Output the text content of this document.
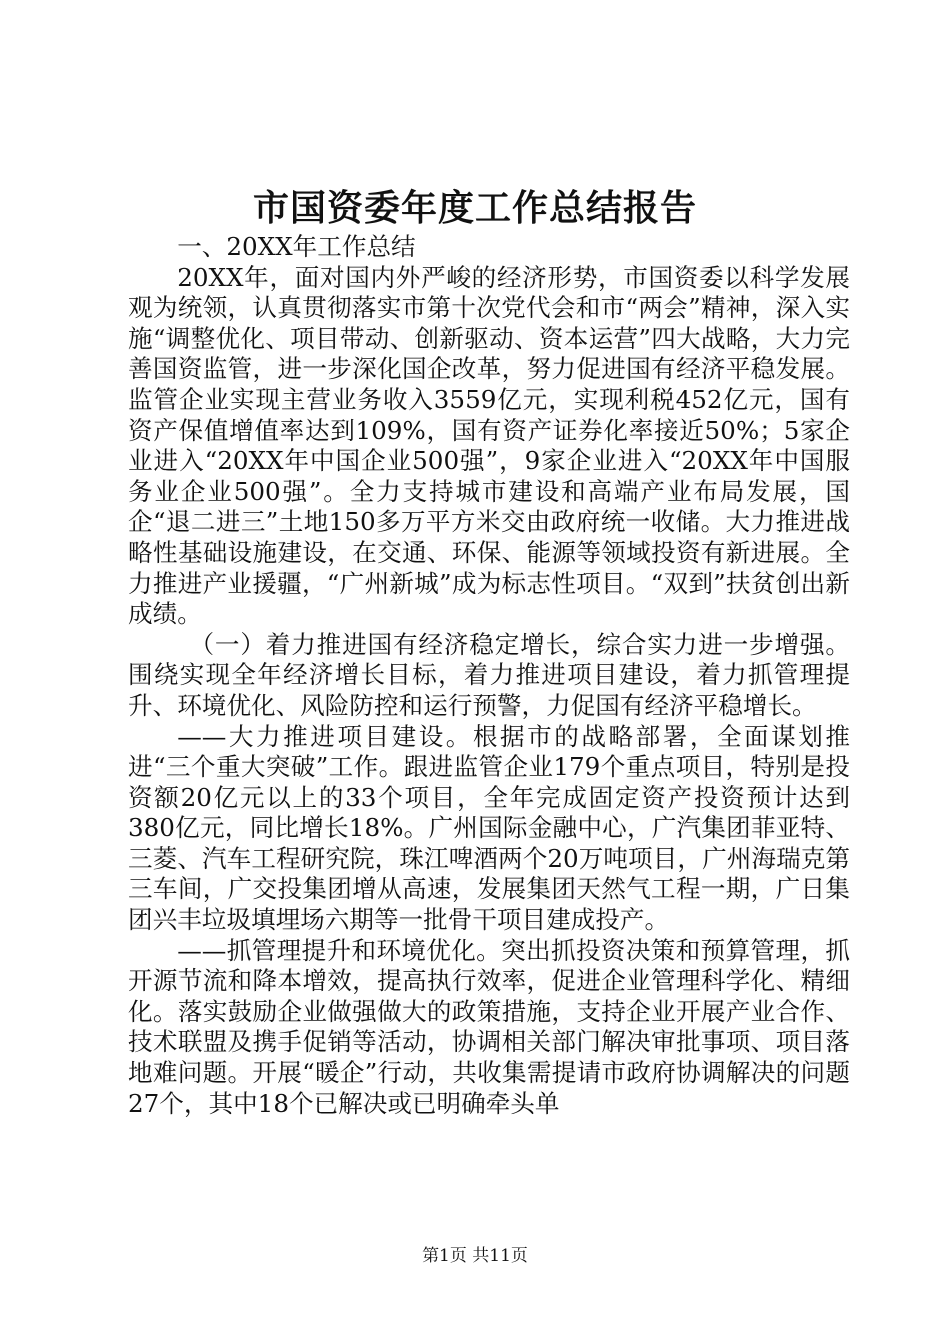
市国资委年度工作总结报告

一、20XX年工作总结

20XX年，面对国内外严峻的经济形势，市国资委以科学发展观为统领，认真贯彻落实市第十次党代会和市“两会”精神，深入实施“调整优化、项目带动、创新驱动、资本运营”四大战略，大力完善国资监管，进一步深化国企改革，努力促进国有经济平稳发展。监管企业实现主营业务收入3559亿元，实现利税452亿元，国有资产保值增值率达到109%，国有资产证券化率接近50%；5家企业进入“20XX年中国企业500强”，9家企业进入“20XX年中国服务业企业500强”。全力支持城市建设和高端产业布局发展，国企“退二进三”土地150多万平方米交由政府统一收储。大力推进战略性基础设施建设，在交通、环保、能源等领域投资有新进展。全力推进产业援疆，“广州新城”成为标志性项目。“双到”扶贫创出新成绩。

（一）着力推进国有经济稳定增长，综合实力进一步增强。围绕实现全年经济增长目标，着力推进项目建设，着力抓管理提升、环境优化、风险防控和运行预警，力促国有经济平稳增长。

——大力推进项目建设。根据市的战略部署，全面谋划推进“三个重大突破”工作。跟进监管企业179个重点项目，特别是投资额20亿元以上的33个项目，全年完成固定资产投资预计达到380亿元，同比增长18%。广州国际金融中心，广汽集团菲亚特、三菱、汽车工程研究院，珠江啤酒两个20万吨项目，广州海瑞克第三车间，广交投集团增从高速，发展集团天然气工程一期，广日集团兴丰垃圾填埋场六期等一批骨干项目建成投产。

——抓管理提升和环境优化。突出抓投资决策和预算管理，抓开源节流和降本增效，提高执行效率，促进企业管理科学化、精细化。落实鼓励企业做强做大的政策措施，支持企业开展产业合作、技术联盟及携手促销等活动，协调相关部门解决审批事项、项目落地难问题。开展“暖企”行动，共收集需提请市政府协调解决的问题27个，其中18个已解决或已明确牵头单

第1页 共11页
